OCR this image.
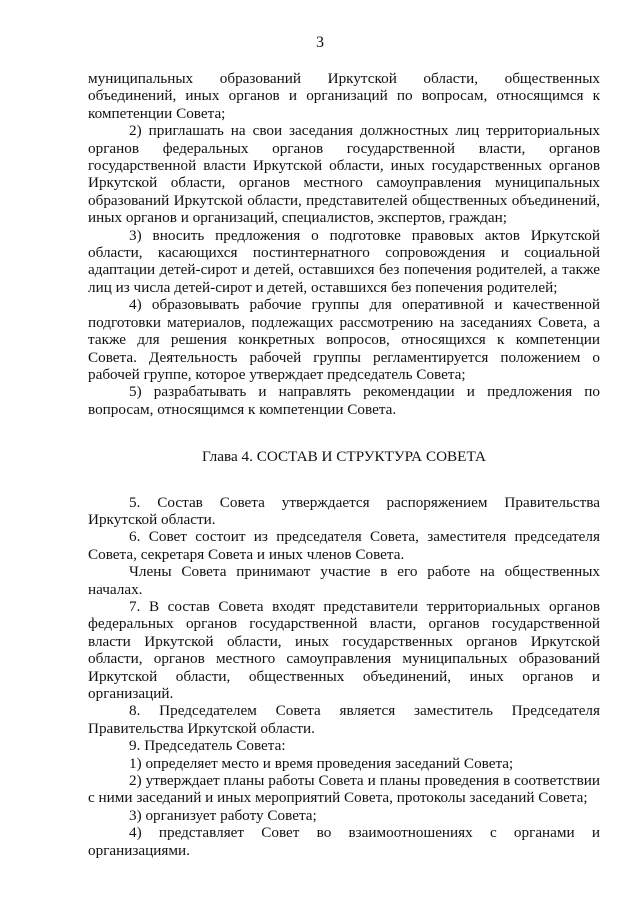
3

муниципальных образований Иркутской области, общественных объединений, иных органов и организаций по вопросам, относящимся к компетенции Совета;

2) приглашать на свои заседания должностных лиц территориальных органов федеральных органов государственной власти, органов государственной власти Иркутской области, иных государственных органов Иркутской области, органов местного самоуправления муниципальных образований Иркутской области, представителей общественных объединений, иных органов и организаций, специалистов, экспертов, граждан;

3) вносить предложения о подготовке правовых актов Иркутской области, касающихся постинтернатного сопровождения и социальной адаптации детей-сирот и детей, оставшихся без попечения родителей, а также лиц из числа детей-сирот и детей, оставшихся без попечения родителей;

4) образовывать рабочие группы для оперативной и качественной подготовки материалов, подлежащих рассмотрению на заседаниях Совета, а также для решения конкретных вопросов, относящихся к компетенции Совета. Деятельность рабочей группы регламентируется положением о рабочей группе, которое утверждает председатель Совета;

5) разрабатывать и направлять рекомендации и предложения по вопросам, относящимся к компетенции Совета.

Глава 4. СОСТАВ И СТРУКТУРА СОВЕТА

5. Состав Совета утверждается распоряжением Правительства Иркутской области.

6. Совет состоит из председателя Совета, заместителя председателя Совета, секретаря Совета и иных членов Совета.

Члены Совета принимают участие в его работе на общественных началах.

7. В состав Совета входят представители территориальных органов федеральных органов государственной власти, органов государственной власти Иркутской области, иных государственных органов Иркутской области, органов местного самоуправления муниципальных образований Иркутской области, общественных объединений, иных органов и организаций.

8. Председателем Совета является заместитель Председателя Правительства Иркутской области.

9. Председатель Совета:

1) определяет место и время проведения заседаний Совета;

2) утверждает планы работы Совета и планы проведения в соответствии с ними заседаний и иных мероприятий Совета, протоколы заседаний Совета;

3) организует работу Совета;

4) представляет Совет во взаимоотношениях с органами и организациями.
